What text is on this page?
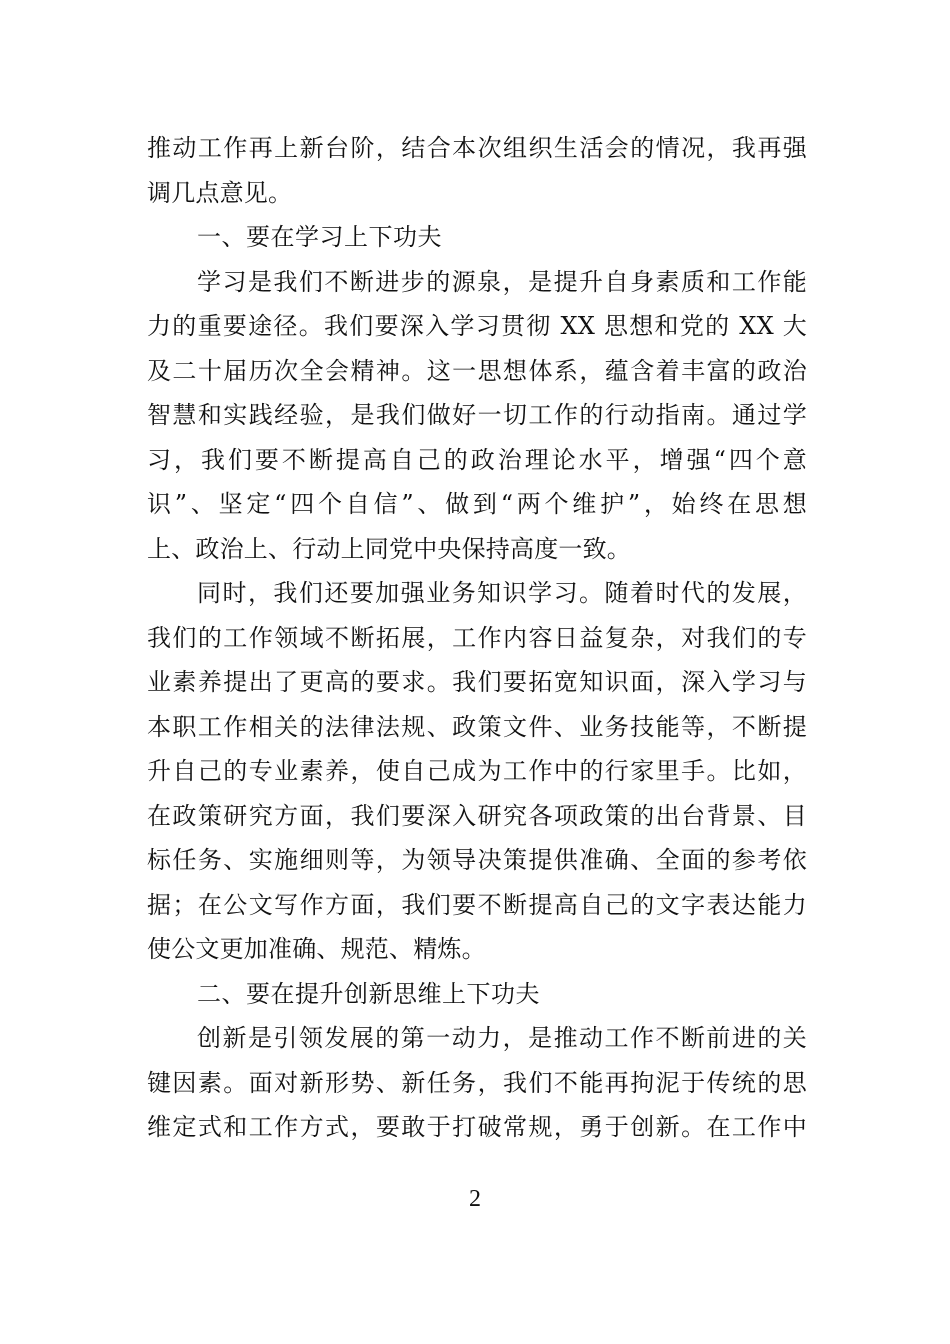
推动工作再上新台阶，结合本次组织生活会的情况，我再强
调几点意见。
一、要在学习上下功夫
学习是我们不断进步的源泉，是提升自身素质和工作能
力的重要途径。我们要深入学习贯彻 XX 思想和党的 XX 大
及二十届历次全会精神。这一思想体系，蕴含着丰富的政治
智慧和实践经验，是我们做好一切工作的行动指南。通过学
习，我们要不断提高自己的政治理论水平，增强“四个意
识”、坚定“四个自信”、做到“两个维护”，始终在思想
上、政治上、行动上同党中央保持高度一致。
同时，我们还要加强业务知识学习。随着时代的发展，
我们的工作领域不断拓展，工作内容日益复杂，对我们的专
业素养提出了更高的要求。我们要拓宽知识面，深入学习与
本职工作相关的法律法规、政策文件、业务技能等，不断提
升自己的专业素养，使自己成为工作中的行家里手。比如，
在政策研究方面，我们要深入研究各项政策的出台背景、目
标任务、实施细则等，为领导决策提供准确、全面的参考依
据；在公文写作方面，我们要不断提高自己的文字表达能力
使公文更加准确、规范、精炼。
二、要在提升创新思维上下功夫
创新是引领发展的第一动力，是推动工作不断前进的关
键因素。面对新形势、新任务，我们不能再拘泥于传统的思
维定式和工作方式，要敢于打破常规，勇于创新。在工作中
2
